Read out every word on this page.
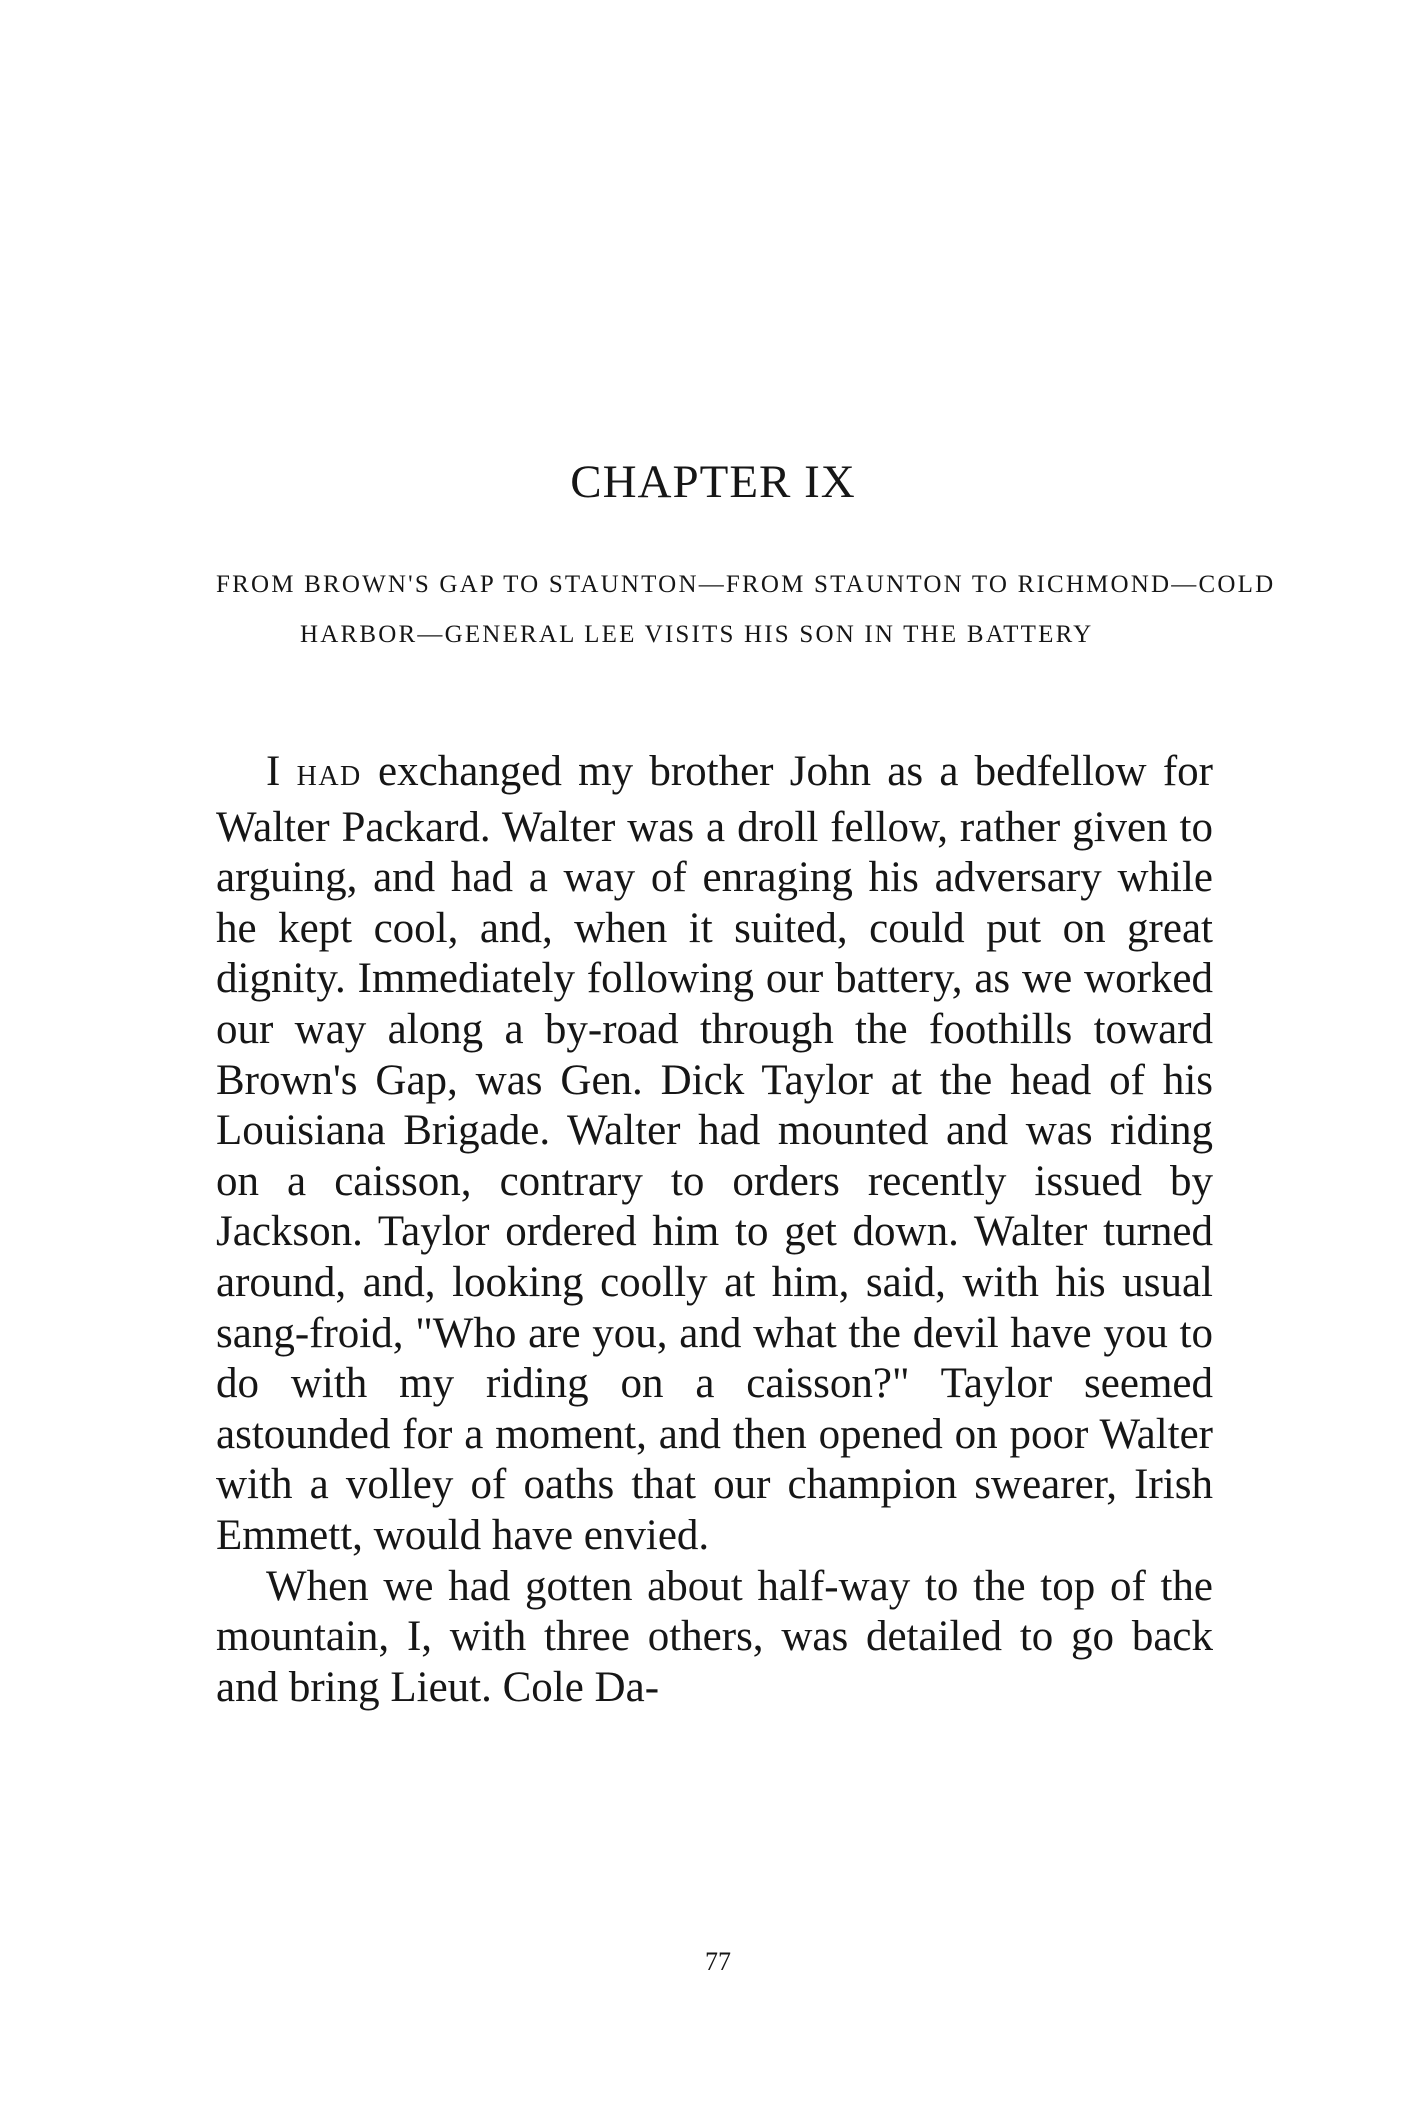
CHAPTER IX

FROM BROWN'S GAP TO STAUNTON—FROM STAUNTON TO RICHMOND—COLD HARBOR—GENERAL LEE VISITS HIS SON IN THE BATTERY

I HAD exchanged my brother John as a bedfellow for Walter Packard. Walter was a droll fellow, rather given to arguing, and had a way of enraging his adversary while he kept cool, and, when it suited, could put on great dignity. Immediately following our battery, as we worked our way along a by-road through the foothills toward Brown's Gap, was Gen. Dick Taylor at the head of his Louisiana Brigade. Walter had mounted and was riding on a caisson, contrary to orders recently issued by Jackson. Taylor ordered him to get down. Walter turned around, and, looking coolly at him, said, with his usual sang-froid, "Who are you, and what the devil have you to do with my riding on a caisson?" Taylor seemed astounded for a moment, and then opened on poor Walter with a volley of oaths that our champion swearer, Irish Emmett, would have envied.

When we had gotten about half-way to the top of the mountain, I, with three others, was detailed to go back and bring Lieut. Cole Da-

77
